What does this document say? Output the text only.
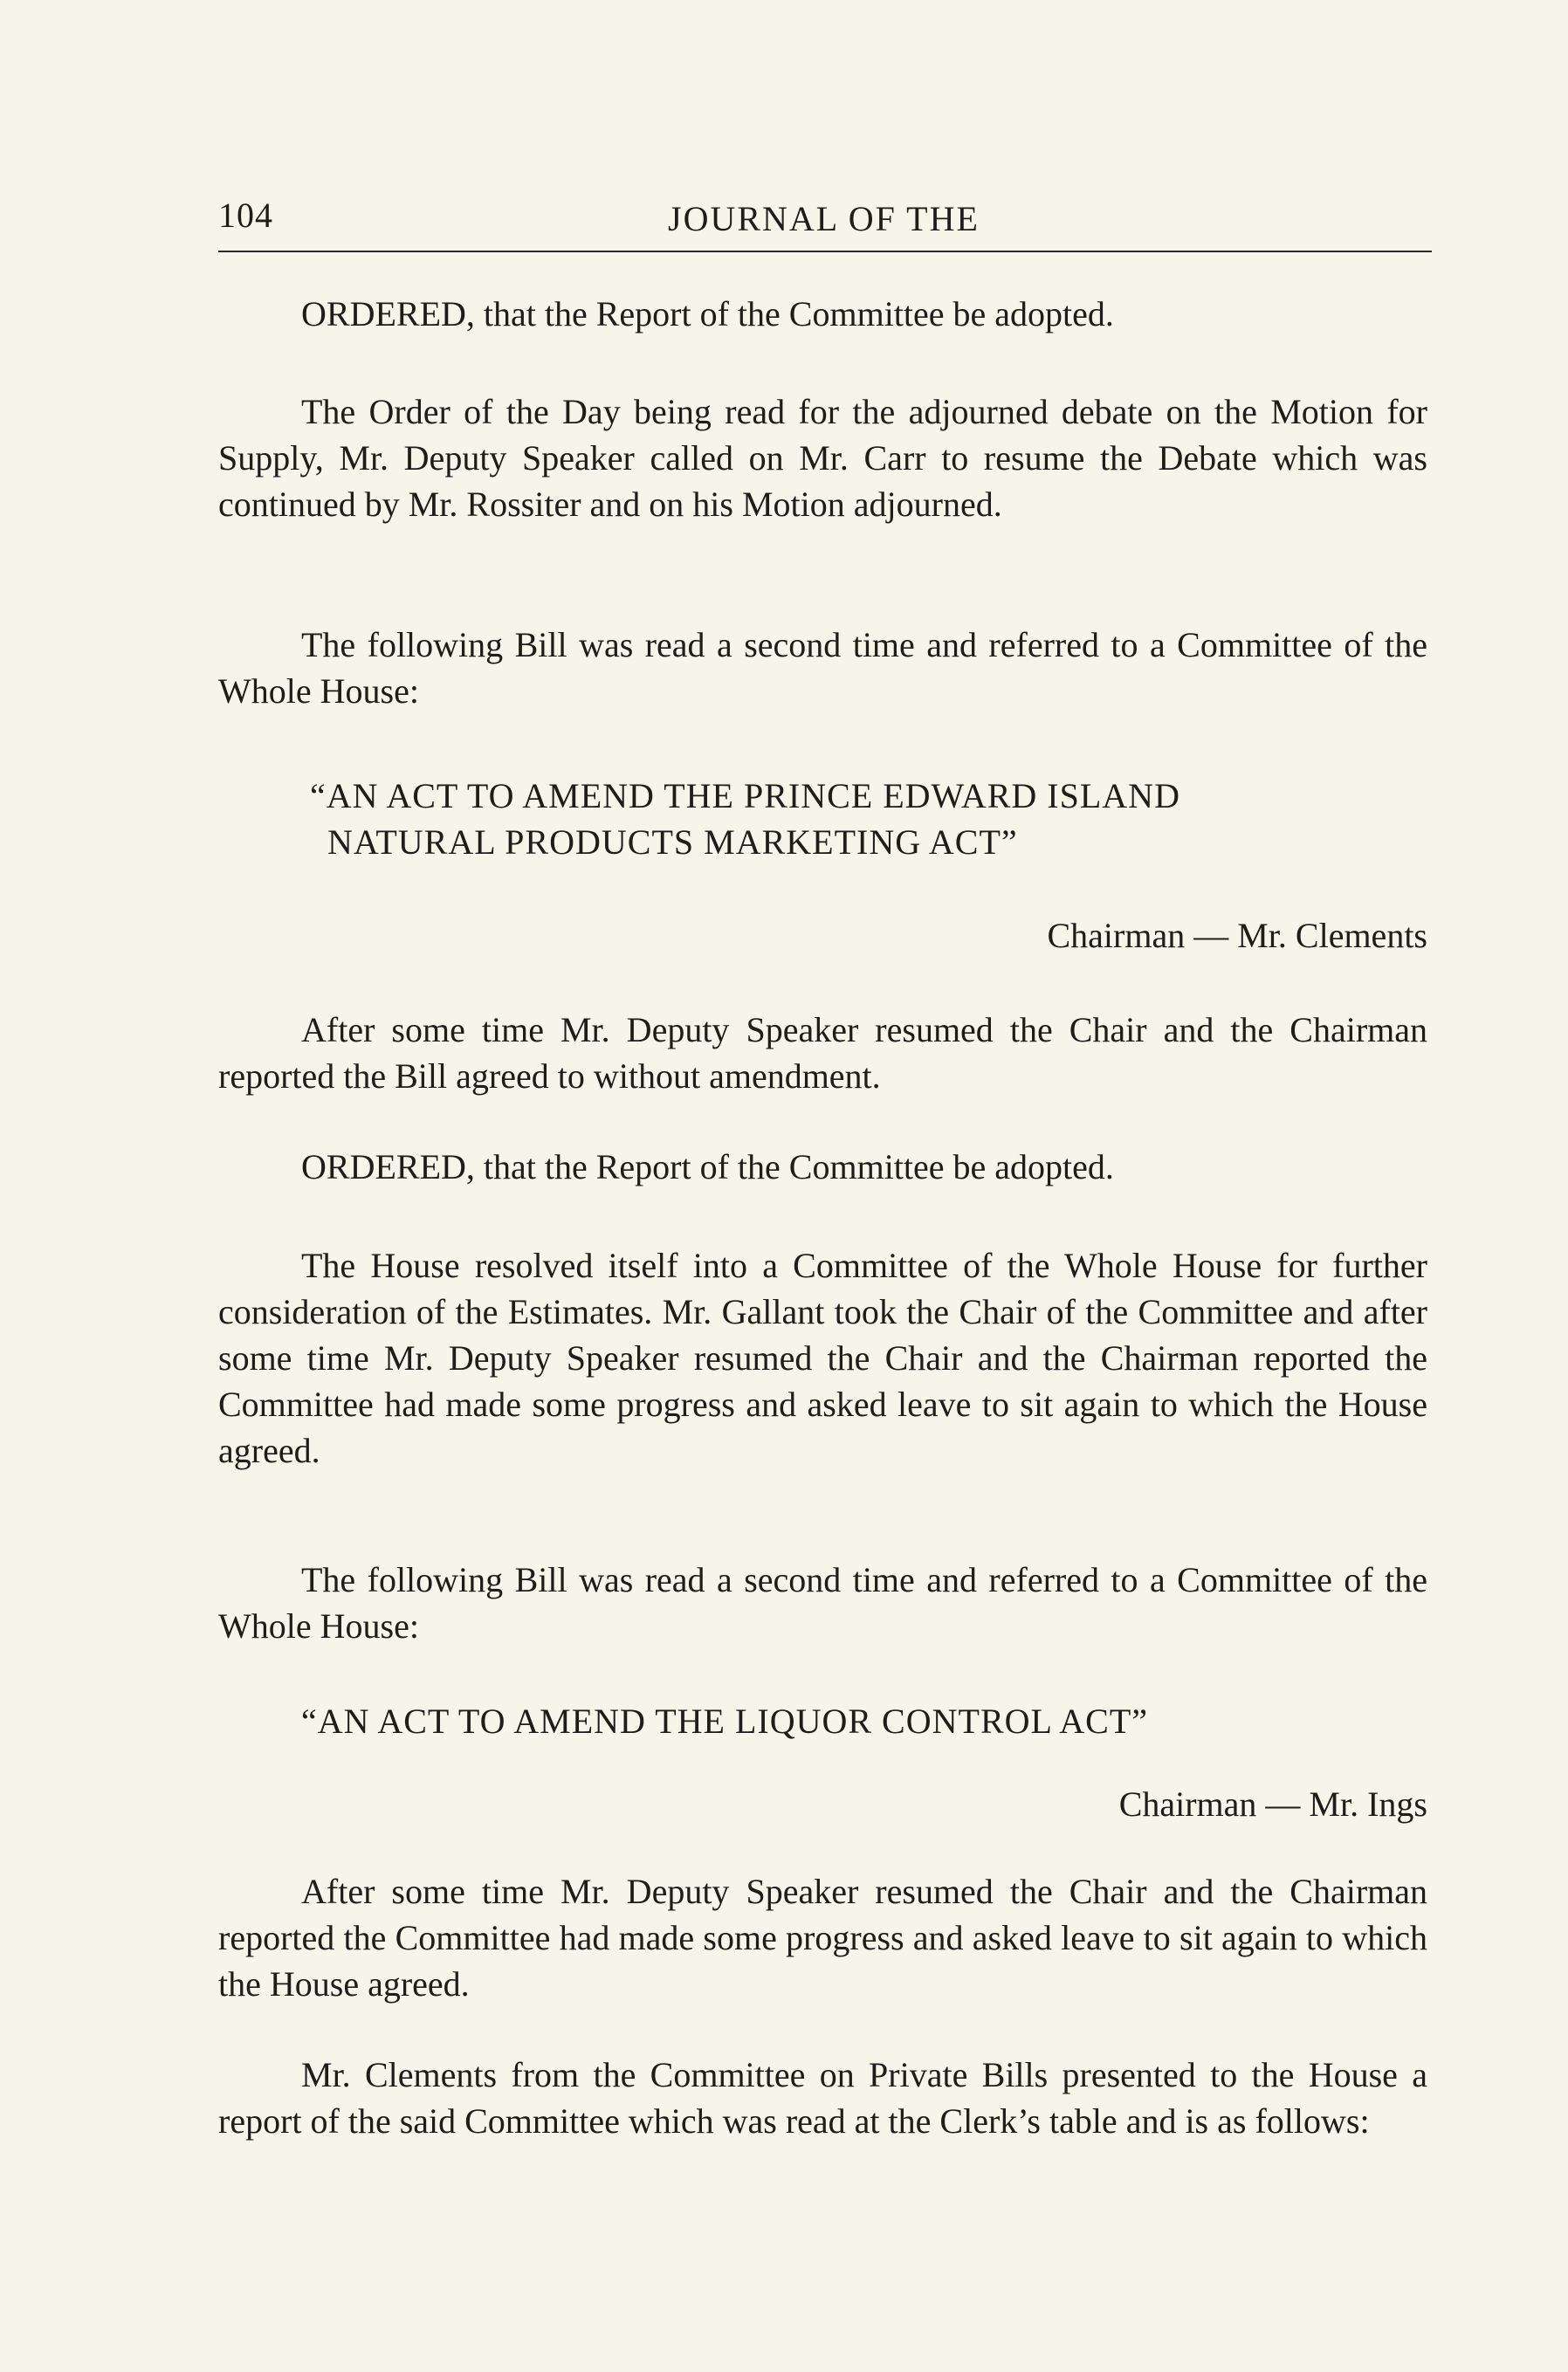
104	JOURNAL OF THE

ORDERED, that the Report of the Committee be adopted.

The Order of the Day being read for the adjourned debate on the Motion for Supply, Mr. Deputy Speaker called on Mr. Carr to resume the Debate which was continued by Mr. Rossiter and on his Motion adjourned.

The following Bill was read a second time and referred to a Committee of the Whole House:

“AN ACT TO AMEND THE PRINCE EDWARD ISLAND
NATURAL PRODUCTS MARKETING ACT”

Chairman — Mr. Clements

After some time Mr. Deputy Speaker resumed the Chair and the Chairman reported the Bill agreed to without amendment.

ORDERED, that the Report of the Committee be adopted.

The House resolved itself into a Committee of the Whole House for further consideration of the Estimates. Mr. Gallant took the Chair of the Committee and after some time Mr. Deputy Speaker resumed the Chair and the Chairman reported the Committee had made some progress and asked leave to sit again to which the House agreed.

The following Bill was read a second time and referred to a Committee of the Whole House:

“AN ACT TO AMEND THE LIQUOR CONTROL ACT”

Chairman — Mr. Ings

After some time Mr. Deputy Speaker resumed the Chair and the Chairman reported the Committee had made some progress and asked leave to sit again to which the House agreed.

Mr. Clements from the Committee on Private Bills presented to the House a report of the said Committee which was read at the Clerk’s table and is as follows:
